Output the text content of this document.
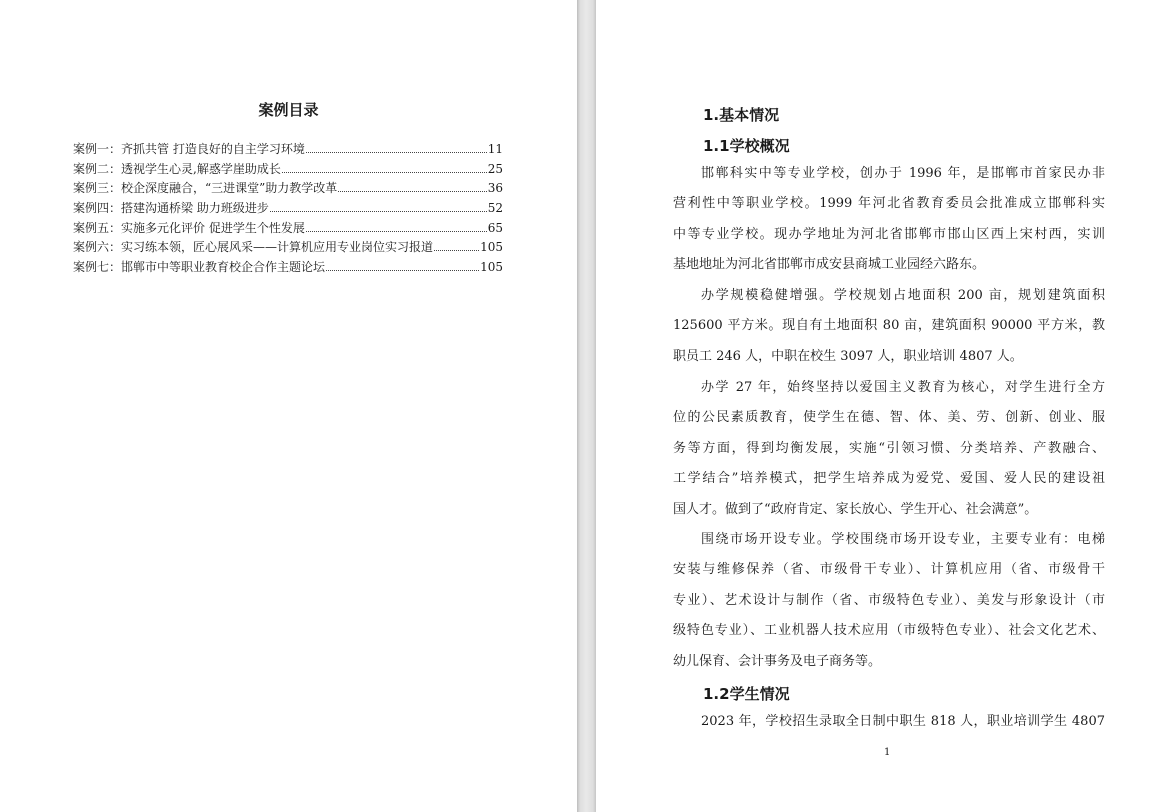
案例目录
案例一：齐抓共管 打造良好的自主学习环境	11
案例二：透视学生心灵,解惑学崖助成长	25
案例三：校企深度融合，“三进课堂”助力教学改革	36
案例四：搭建沟通桥梁 助力班级进步	52
案例五：实施多元化评价 促进学生个性发展	65
案例六：实习练本领，匠心展风采——计算机应用专业岗位实习报道	105
案例七：邯郸市中等职业教育校企合作主题论坛	105
1.基本情况
1.1学校概况
邯郸科实中等专业学校，创办于 1996 年，是邯郸市首家民办非
营利性中等职业学校。1999 年河北省教育委员会批准成立邯郸科实
中等专业学校。现办学地址为河北省邯郸市邯山区西上宋村西，实训
基地地址为河北省邯郸市成安县商城工业园经六路东。
办学规模稳健增强。学校规划占地面积 200 亩，规划建筑面积
125600 平方米。现自有土地面积 80 亩，建筑面积 90000 平方米，教
职员工 246 人，中职在校生 3097 人，职业培训 4807 人。
办学 27 年，始终坚持以爱国主义教育为核心，对学生进行全方
位的公民素质教育，使学生在德、智、体、美、劳、创新、创业、服
务等方面，得到均衡发展，实施“引领习惯、分类培养、产教融合、
工学结合”培养模式，把学生培养成为爱党、爱国、爱人民的建设祖
国人才。做到了“政府肯定、家长放心、学生开心、社会满意”。
围绕市场开设专业。学校围绕市场开设专业，主要专业有：电梯
安装与维修保养（省、市级骨干专业）、计算机应用（省、市级骨干
专业）、艺术设计与制作（省、市级特色专业）、美发与形象设计（市
级特色专业）、工业机器人技术应用（市级特色专业）、社会文化艺术、
幼儿保育、会计事务及电子商务等。
1.2学生情况
2023 年，学校招生录取全日制中职生 818 人，职业培训学生 4807
1
